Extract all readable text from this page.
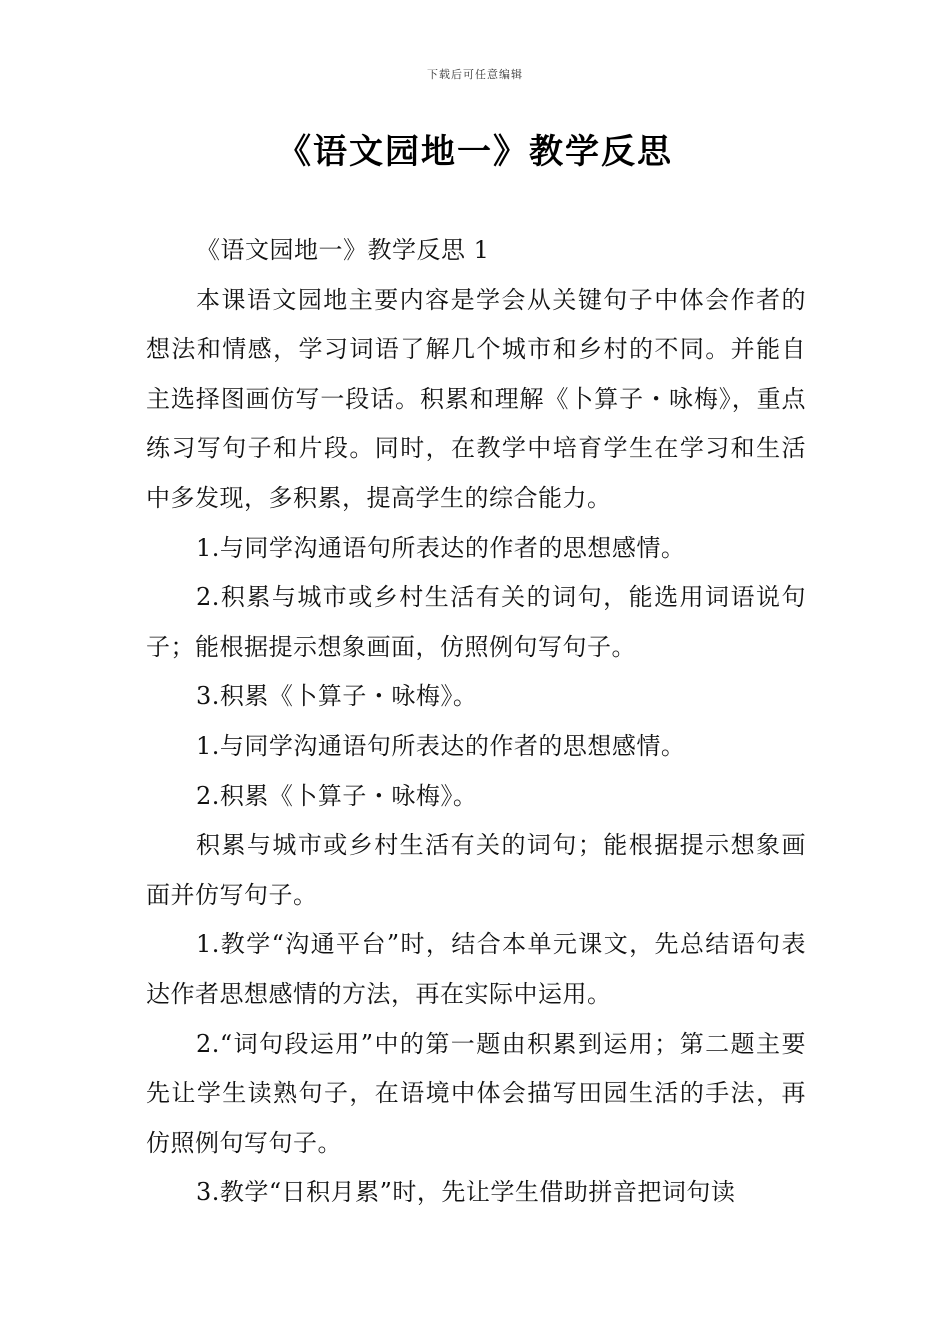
下载后可任意编辑
《语文园地一》教学反思

《语文园地一》教学反思 1

本课语文园地主要内容是学会从关键句子中体会作者的想法和情感，学习词语了解几个城市和乡村的不同。并能自主选择图画仿写一段话。积累和理解《卜算子・咏梅》，重点练习写句子和片段。同时，在教学中培育学生在学习和生活中多发现，多积累，提高学生的综合能力。

1.与同学沟通语句所表达的作者的思想感情。

2.积累与城市或乡村生活有关的词句，能选用词语说句子；能根据提示想象画面，仿照例句写句子。

3.积累《卜算子・咏梅》。

1.与同学沟通语句所表达的作者的思想感情。

2.积累《卜算子・咏梅》。

积累与城市或乡村生活有关的词句；能根据提示想象画面并仿写句子。

1.教学“沟通平台”时，结合本单元课文，先总结语句表达作者思想感情的方法，再在实际中运用。

2.“词句段运用”中的第一题由积累到运用；第二题主要先让学生读熟句子，在语境中体会描写田园生活的手法，再仿照例句写句子。

3.教学“日积月累”时，先让学生借助拼音把词句读
